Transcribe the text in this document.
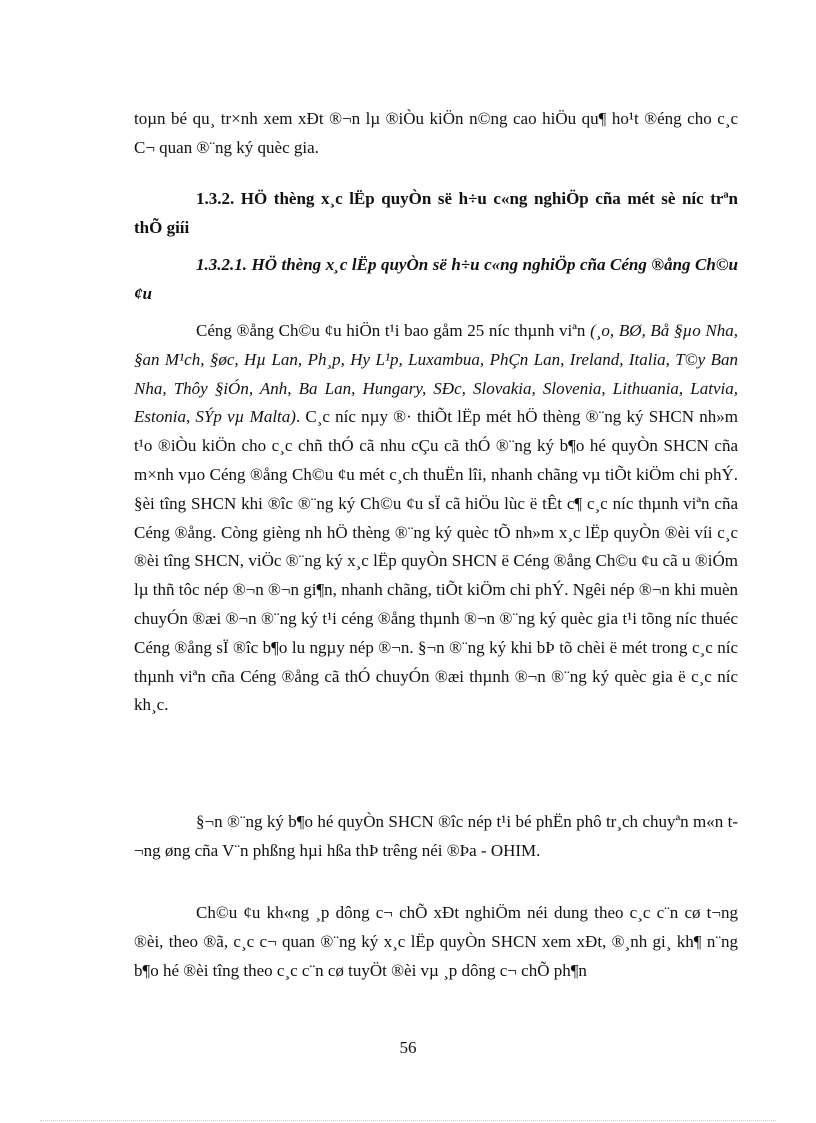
toµn bé qu¸ tr×nh xem xÐt ®¬n lµ ®iÒu kiÖn n©ng cao hiÖu qu¶ ho¹t ®éng cho c¸c C¬ quan ®¨ng ký quèc gia.

1.3.2. HÖ thèng x¸c lËp quyÒn së h÷u c«ng nghiÖp cña mét sè níc trªn thÕ giíi

1.3.2.1. HÖ thèng x¸c lËp quyÒn së h÷u c«ng nghiÖp cña Céng ®ång Ch©u ¢u

Céng ®ång Ch©u ¢u hiÖn t¹i bao gåm 25 níc thµnh viªn (¸o, BØ, Bå §µo Nha, §an M¹ch, §øc, Hµ Lan, Ph¸p, Hy L¹p, Luxambua, PhÇn Lan, Ireland, Italia, T©y Ban Nha, Thôy §iÓn, Anh, Ba Lan, Hungary, SÐc, Slovakia, Slovenia, Lithuania, Latvia, Estonia, SÝp vµ Malta). C¸c níc nµy ®· thiÕt lËp mét hÖ thèng ®¨ng ký SHCN nh»m t¹o ®iÒu kiÖn cho c¸c chñ thÓ cã nhu cÇu cã thÓ ®¨ng ký b¶o hé quyÒn SHCN cña m×nh vµo Céng ®ång Ch©u ¢u mét c¸ch thuËn lîi, nhanh chãng vµ tiÕt kiÖm chi phÝ. §èi tîng SHCN khi ®îc ®¨ng ký Ch©u ¢u sÏ cã hiÖu lùc ë tÊt c¶ c¸c níc thµnh viªn cña Céng ®ång. Còng gièng nh hÖ thèng ®¨ng ký quèc tÕ nh»m x¸c lËp quyÒn ®èi víi c¸c ®èi tîng SHCN, viÖc ®¨ng ký x¸c lËp quyÒn SHCN ë Céng ®ång Ch©u ¢u cã u ®iÓm lµ thñ tôc nép ®¬n ®¬n gi¶n, nhanh chãng, tiÕt kiÖm chi phÝ. Ngêi nép ®¬n khi muèn chuyÓn ®æi ®¬n ®¨ng ký t¹i céng ®ång thµnh ®¬n ®¨ng ký quèc gia t¹i tõng níc thuéc Céng ®ång sÏ ®îc b¶o lu ngµy nép ®¬n. §¬n ®¨ng ký khi bÞ tõ chèi ë mét trong c¸c níc thµnh viªn cña Céng ®ång cã thÓ chuyÓn ®æi thµnh ®¬n ®¨ng ký quèc gia ë c¸c níc kh¸c.

§¬n ®¨ng ký b¶o hé quyÒn SHCN ®îc nép t¹i bé phËn phô tr¸ch chuyªn m«n t¬ng øng cña V¨n phßng hµi hßa thÞ trêng néi ®Þa - OHIM.

Ch©u ¢u kh«ng ¸p dông c¬ chÕ xÐt nghiÖm néi dung theo c¸c c¨n cø t¬ng ®èi, theo ®ã, c¸c c¬ quan ®¨ng ký x¸c lËp quyÒn SHCN xem xÐt, ®¸nh gi¸ kh¶ n¨ng b¶o hé ®èi tîng theo c¸c c¨n cø tuyÖt ®èi vµ ¸p dông c¬ chÕ ph¶n

56
